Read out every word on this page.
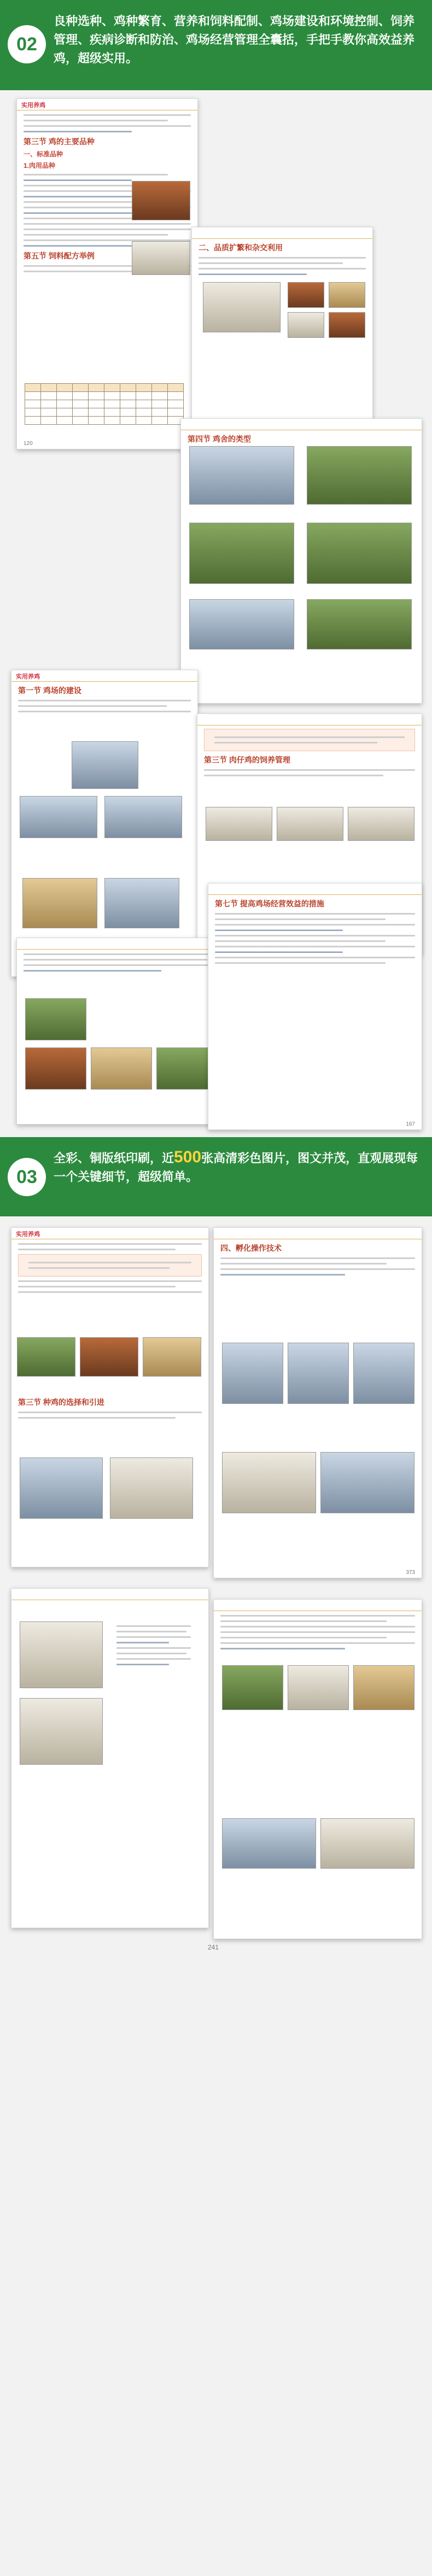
02
良种选种、鸡种繁育、营养和饲料配制、鸡场建设和环境控制、饲养管理、疾病诊断和防治、鸡场经营管理全囊括，手把手教你高效益养鸡，超级实用。
实用养鸡
第三节 鸡的主要品种
一、标准品种
1.肉用品种
第五节 饲料配方举例

120
二、品质扩繁和杂交利用
第四节 鸡舍的类型
实用养鸡
第一节 鸡场的建设
第三节 肉仔鸡的饲养管理
第七节 提高鸡场经营效益的措施
167
03
全彩、铜版纸印刷，近500张高清彩色图片，图文并茂，直观展现每一个关键细节，超级简单。
实用养鸡
第三节 种鸡的选择和引进
四、孵化操作技术
373
241
